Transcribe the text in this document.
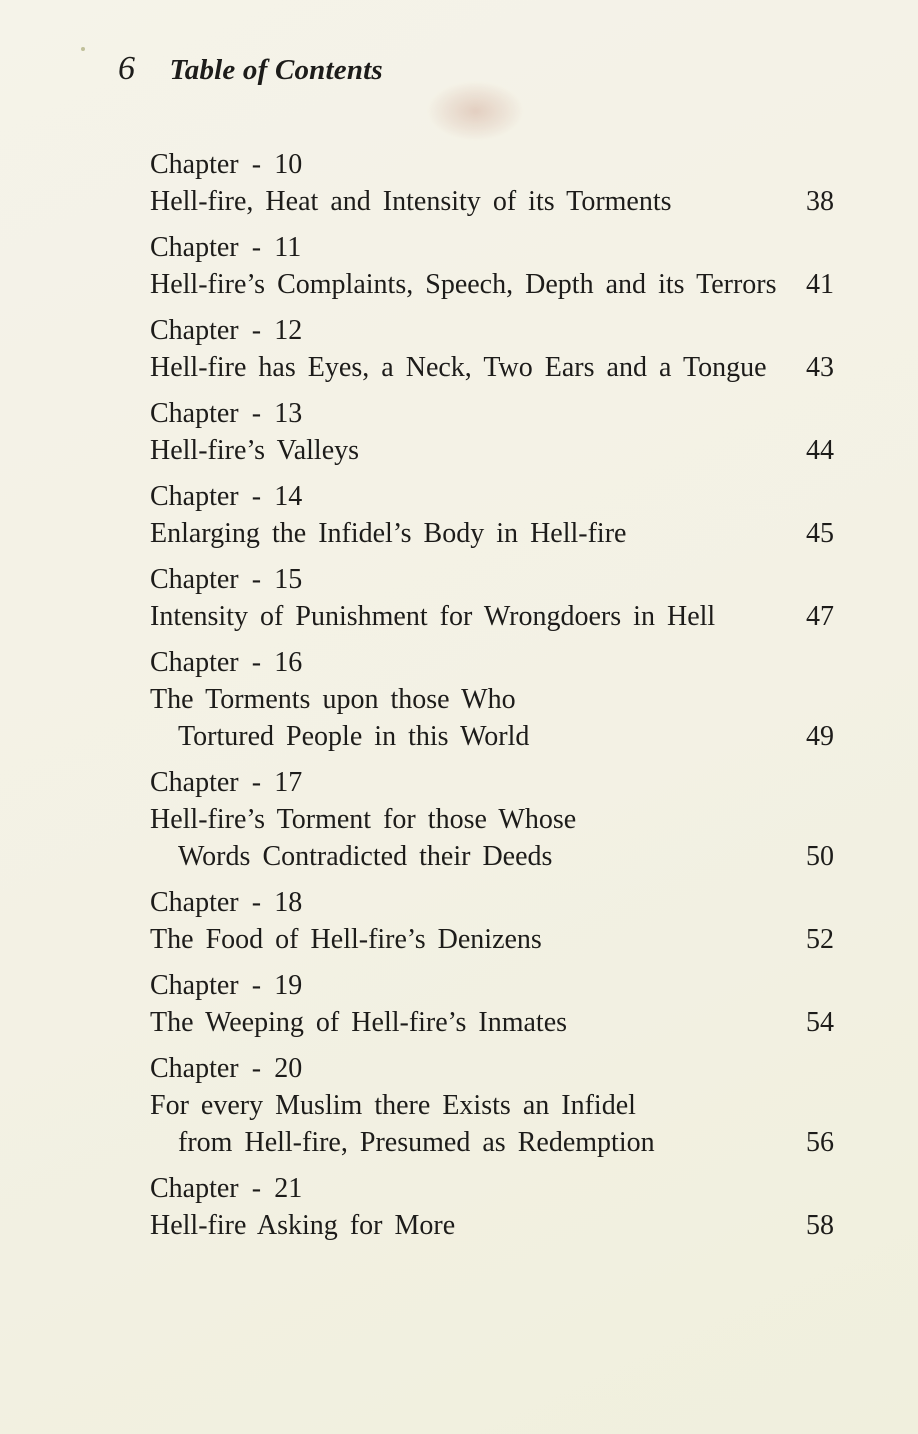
6 Table of Contents
Chapter - 10
Hell-fire, Heat and Intensity of its Torments	38
Chapter - 11
Hell-fire’s Complaints, Speech, Depth and its Terrors	41
Chapter - 12
Hell-fire has Eyes, a Neck, Two Ears and a Tongue	43
Chapter - 13
Hell-fire’s Valleys	44
Chapter - 14
Enlarging the Infidel’s Body in Hell-fire	45
Chapter - 15
Intensity of Punishment for Wrongdoers in Hell	47
Chapter - 16
The Torments upon those Who
Tortured People in this World	49
Chapter - 17
Hell-fire’s Torment for those Whose
Words Contradicted their Deeds	50
Chapter - 18
The Food of Hell-fire’s Denizens	52
Chapter - 19
The Weeping of Hell-fire’s Inmates	54
Chapter - 20
For every Muslim there Exists an Infidel
from Hell-fire, Presumed as Redemption	56
Chapter - 21
Hell-fire Asking for More	58
